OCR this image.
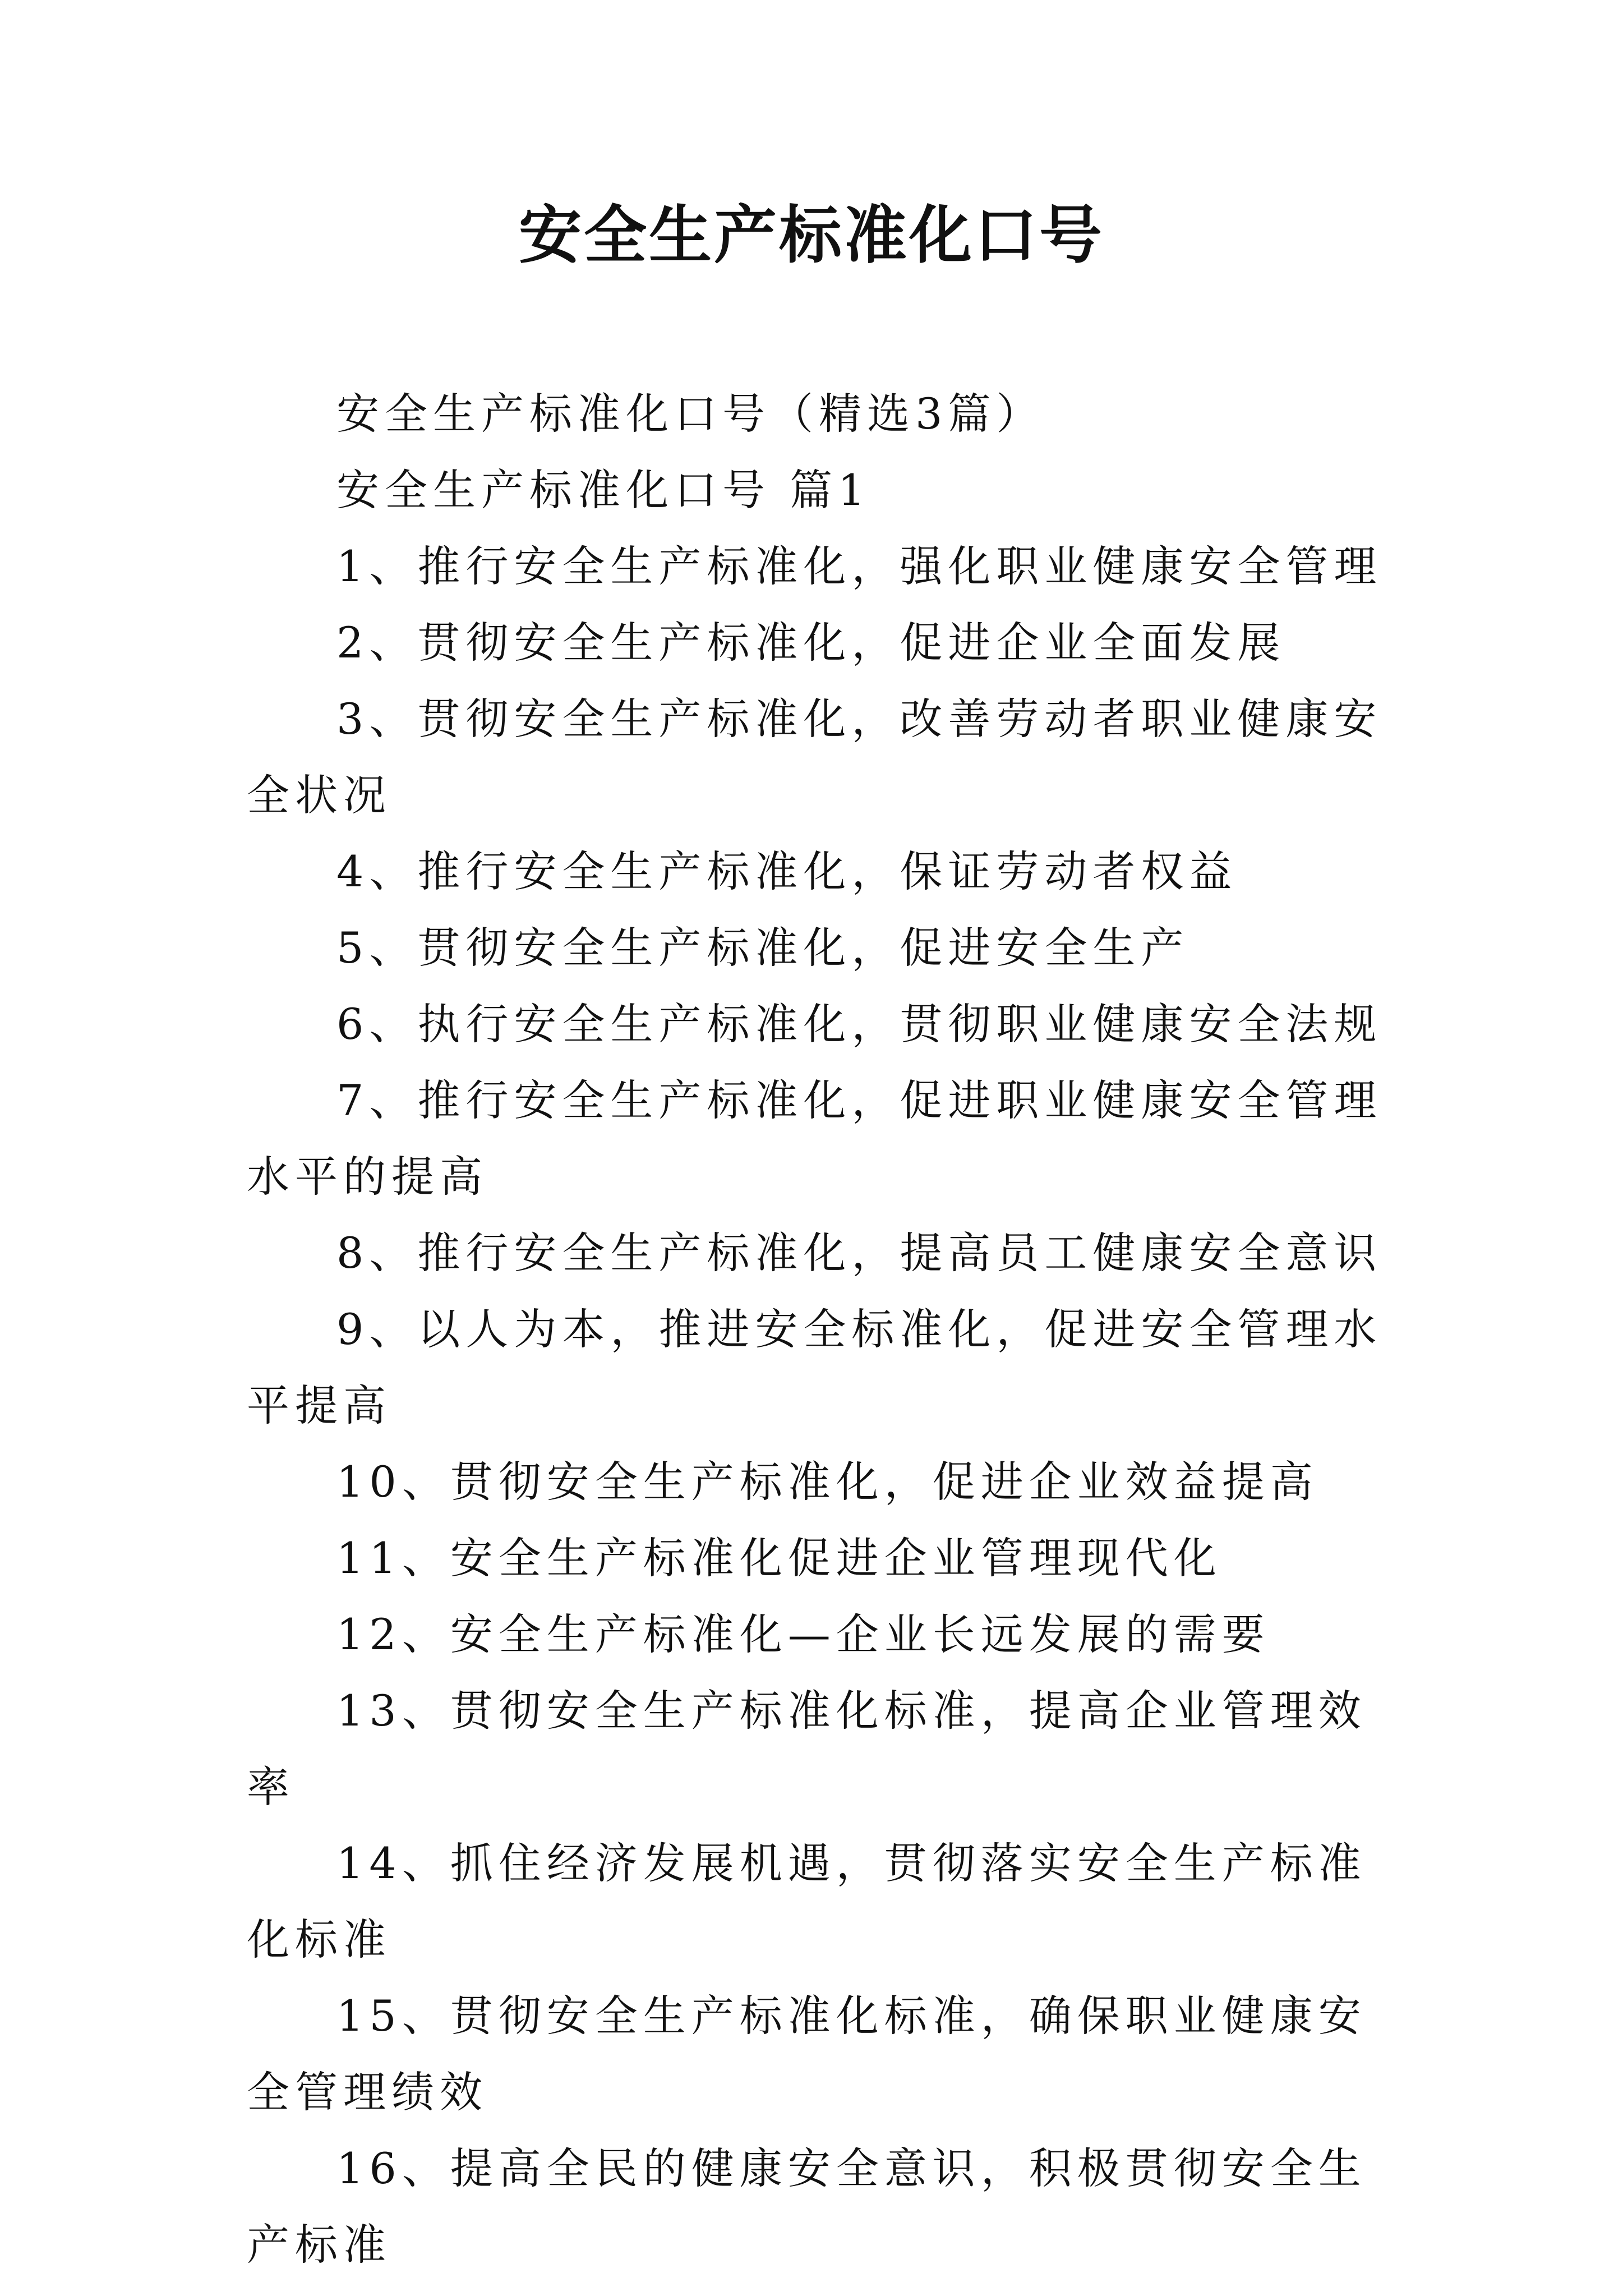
安全生产标准化口号

安全生产标准化口号（精选3篇）

安全生产标准化口号 篇1

1、推行安全生产标准化，强化职业健康安全管理

2、贯彻安全生产标准化，促进企业全面发展

3、贯彻安全生产标准化，改善劳动者职业健康安全状况

4、推行安全生产标准化，保证劳动者权益

5、贯彻安全生产标准化，促进安全生产

6、执行安全生产标准化，贯彻职业健康安全法规

7、推行安全生产标准化，促进职业健康安全管理水平的提高

8、推行安全生产标准化，提高员工健康安全意识

9、以人为本，推进安全标准化，促进安全管理水平提高

10、贯彻安全生产标准化，促进企业效益提高

11、安全生产标准化促进企业管理现代化

12、安全生产标准化—企业长远发展的需要

13、贯彻安全生产标准化标准，提高企业管理效率

14、抓住经济发展机遇，贯彻落实安全生产标准化标准

15、贯彻安全生产标准化标准，确保职业健康安全管理绩效

16、提高全民的健康安全意识，积极贯彻安全生产标准
